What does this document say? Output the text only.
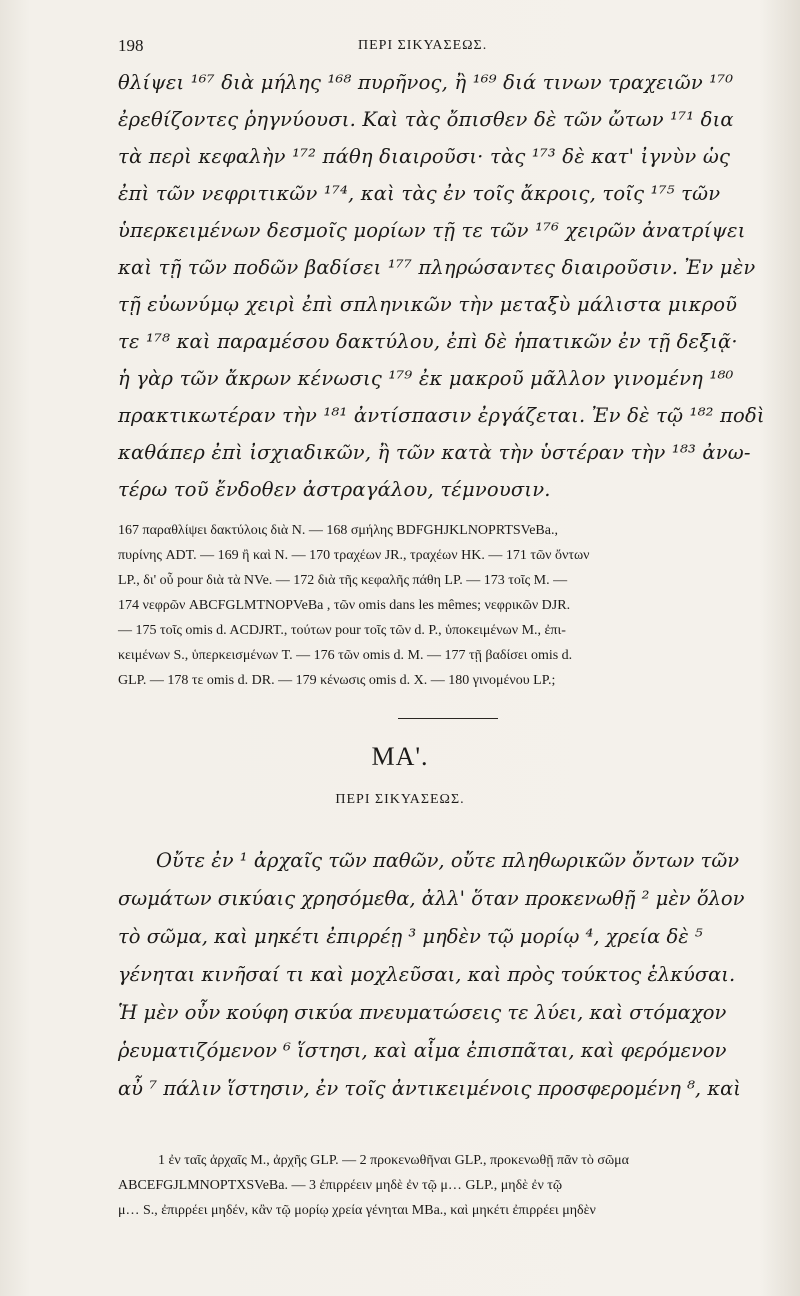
198	ΠΕΡΙ ΣΙΚΥΑΣΕΩΣ.
θλίψει ¹⁶⁷ διὰ μήλης ¹⁶⁸ πυρῆνος, ἢ ¹⁶⁹ διά τινων τραχειῶν ¹⁷⁰
ἐρεθίζοντες ῥηγνύουσι. Καὶ τὰς ὄπισθεν δὲ τῶν ὤτων ¹⁷¹ δια
τὰ περὶ κεφαλὴν ¹⁷² πάθη διαιροῦσι· τὰς ¹⁷³ δὲ κατ' ἰγνὺν ὡς
ἐπὶ τῶν νεφριτικῶν ¹⁷⁴, καὶ τὰς ἐν τοῖς ἄκροις, τοῖς ¹⁷⁵ τῶν
ὑπερκειμένων δεσμοῖς μορίων τῇ τε τῶν ¹⁷⁶ χειρῶν ἀνατρίψει
καὶ τῇ τῶν ποδῶν βαδίσει ¹⁷⁷ πληρώσαντες διαιροῦσιν. Ἐν μὲν
τῇ εὐωνύμῳ χειρὶ ἐπὶ σπληνικῶν τὴν μεταξὺ μάλιστα μικροῦ
τε ¹⁷⁸ καὶ παραμέσου δακτύλου, ἐπὶ δὲ ἡπατικῶν ἐν τῇ δεξιᾷ·
ἡ γὰρ τῶν ἄκρων κένωσις ¹⁷⁹ ἐκ μακροῦ μᾶλλον γινομένη ¹⁸⁰
πρακτικωτέραν τὴν ¹⁸¹ ἀντίσπασιν ἐργάζεται. Ἐν δὲ τῷ ¹⁸² ποδὶ
καθάπερ ἐπὶ ἰσχιαδικῶν, ἢ τῶν κατὰ τὴν ὑστέραν τὴν ¹⁸³ ἀνω-
τέρω τοῦ ἔνδοθεν ἀστραγάλου, τέμνουσιν.
167 παραθλίψει δακτύλοις διὰ N. — 168 σμήλης BDFGHJKLNOPRTSVeBa.,
πυρίνης ADT. — 169 ἢ καὶ N. — 170 τραχέων JR., τραχέων HK. — 171 τῶν ὄντων
LP., δι' οὗ pour διὰ τὰ NVe. — 172 διὰ τῆς κεφαλῆς πάθη LP. — 173 τοῖς M. —
174 νεφρῶν ABCFGLMTNOPVeBa , τῶν omis dans les mêmes; νεφρικῶν DJR.
— 175 τοῖς omis d. ACDJRT., τούτων pour τοῖς τῶν d. P., ὑποκειμένων M., ἐπι-
κειμένων S., ὑπερκεισμένων T. — 176 τῶν omis d. M. — 177 τῇ βαδίσει omis d.
GLP. — 178 τε omis d. DR. — 179 κένωσις omis d. X. — 180 γινομένου LP.;
ΜΑ'.
ΠΕΡΙ ΣΙΚΥΑΣΕΩΣ.
Οὔτε ἐν ¹ ἀρχαῖς τῶν παθῶν, οὔτε πληθωρικῶν ὄντων τῶν
σωμάτων σικύαις χρησόμεθα, ἀλλ' ὅταν προκενωθῇ ² μὲν ὅλον
τὸ σῶμα, καὶ μηκέτι ἐπιρρέῃ ³ μηδὲν τῷ μορίῳ ⁴, χρεία δὲ ⁵
γένηται κινῆσαί τι καὶ μοχλεῦσαι, καὶ πρὸς τούκτος ἑλκύσαι.
Ἡ μὲν οὖν κούφη σικύα πνευματώσεις τε λύει, καὶ στόμαχον
ῥευματιζόμενον ⁶ ἵστησι, καὶ αἷμα ἐπισπᾶται, καὶ φερόμενον
αὖ ⁷ πάλιν ἵστησιν, ἐν τοῖς ἀντικειμένοις προσφερομένη ⁸, καὶ
1 ἐν ταῖς ἀρχαῖς M., ἀρχῆς GLP. — 2 προκενωθῆναι GLP., προκενωθῇ πᾶν τὸ σῶμα
ABCEFGJLMNOPTXSVeBa. — 3 ἐπιρρέειν μηδὲ ἐν τῷ μ… GLP., μηδὲ ἐν τῷ
μ… S., ἐπιρρέει μηδέν, κἂν τῷ μορίῳ χρεία γένηται MBa., καὶ μηκέτι ἐπιρρέει μηδὲν
